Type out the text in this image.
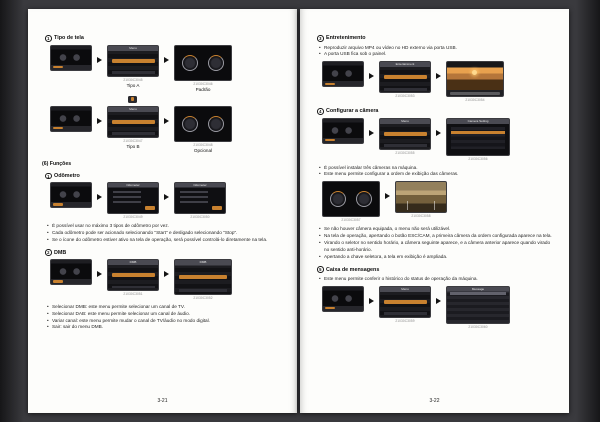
1 Tipo de tela
Menu
21030C3045
Tipo A	21030C3046
Padrão
Menu
21030C3047
Tipo B	21030C3048
Opcional
(6) Funções
1 Odômetro
Odometer
21030C3049
Odometer
21030C3050
• É possível usar no máximo 3 tipos de odômetro por vez.
• Cada odômetro pode ser acionado selecionando "Start" e desligado selecionando "Stop".
• Se o ícone do odômetro estiver ativo na tela de operação, será possível controlá-lo diretamente na tela.
2 DMB
DMB
21030C3051
DMB
21030C3052
• Selecionar DMB: este menu permite selecionar um canal de TV.
• Selecionar DAB: este menu permite selecionar um canal de áudio.
• Variar canal: este menu permite mudar o canal de TV/áudio no modo digital.
• Sair: sair do menu DMB.
3-21
3 Entretenimento
• Reproduzir arquivo MP4 ou vídeo no HD externo via porta USB.
• A porta USB fica sob o painel.
Entertainment
21030C3053
21030C3054
4 Configurar a câmera
Menu
21030C3055
Camera Setting
21030C3056
• É possível instalar três câmeras na máquina.
• Este menu permite configurar a ordem de exibição das câmeras.
21030C3057
21030C3058
• Se não houver câmera equipada, o menu não será utilizável.
• Na tela de operação, apertando o botão ESC/CAM, a primeira câmera da ordem configurada aparece na tela.
• Virando o seletor no sentido horário, a câmera seguinte aparece, e a câmera anterior aparece quando virado no sentido anti-horário.
• Apertando a chave seletora, a tela em exibição é ampliada.
5 Caixa de mensagens
• Este menu permite conferir o histórico do status de operação da máquina.
Menu
21030C3059
Message
21030C3060
3-22
